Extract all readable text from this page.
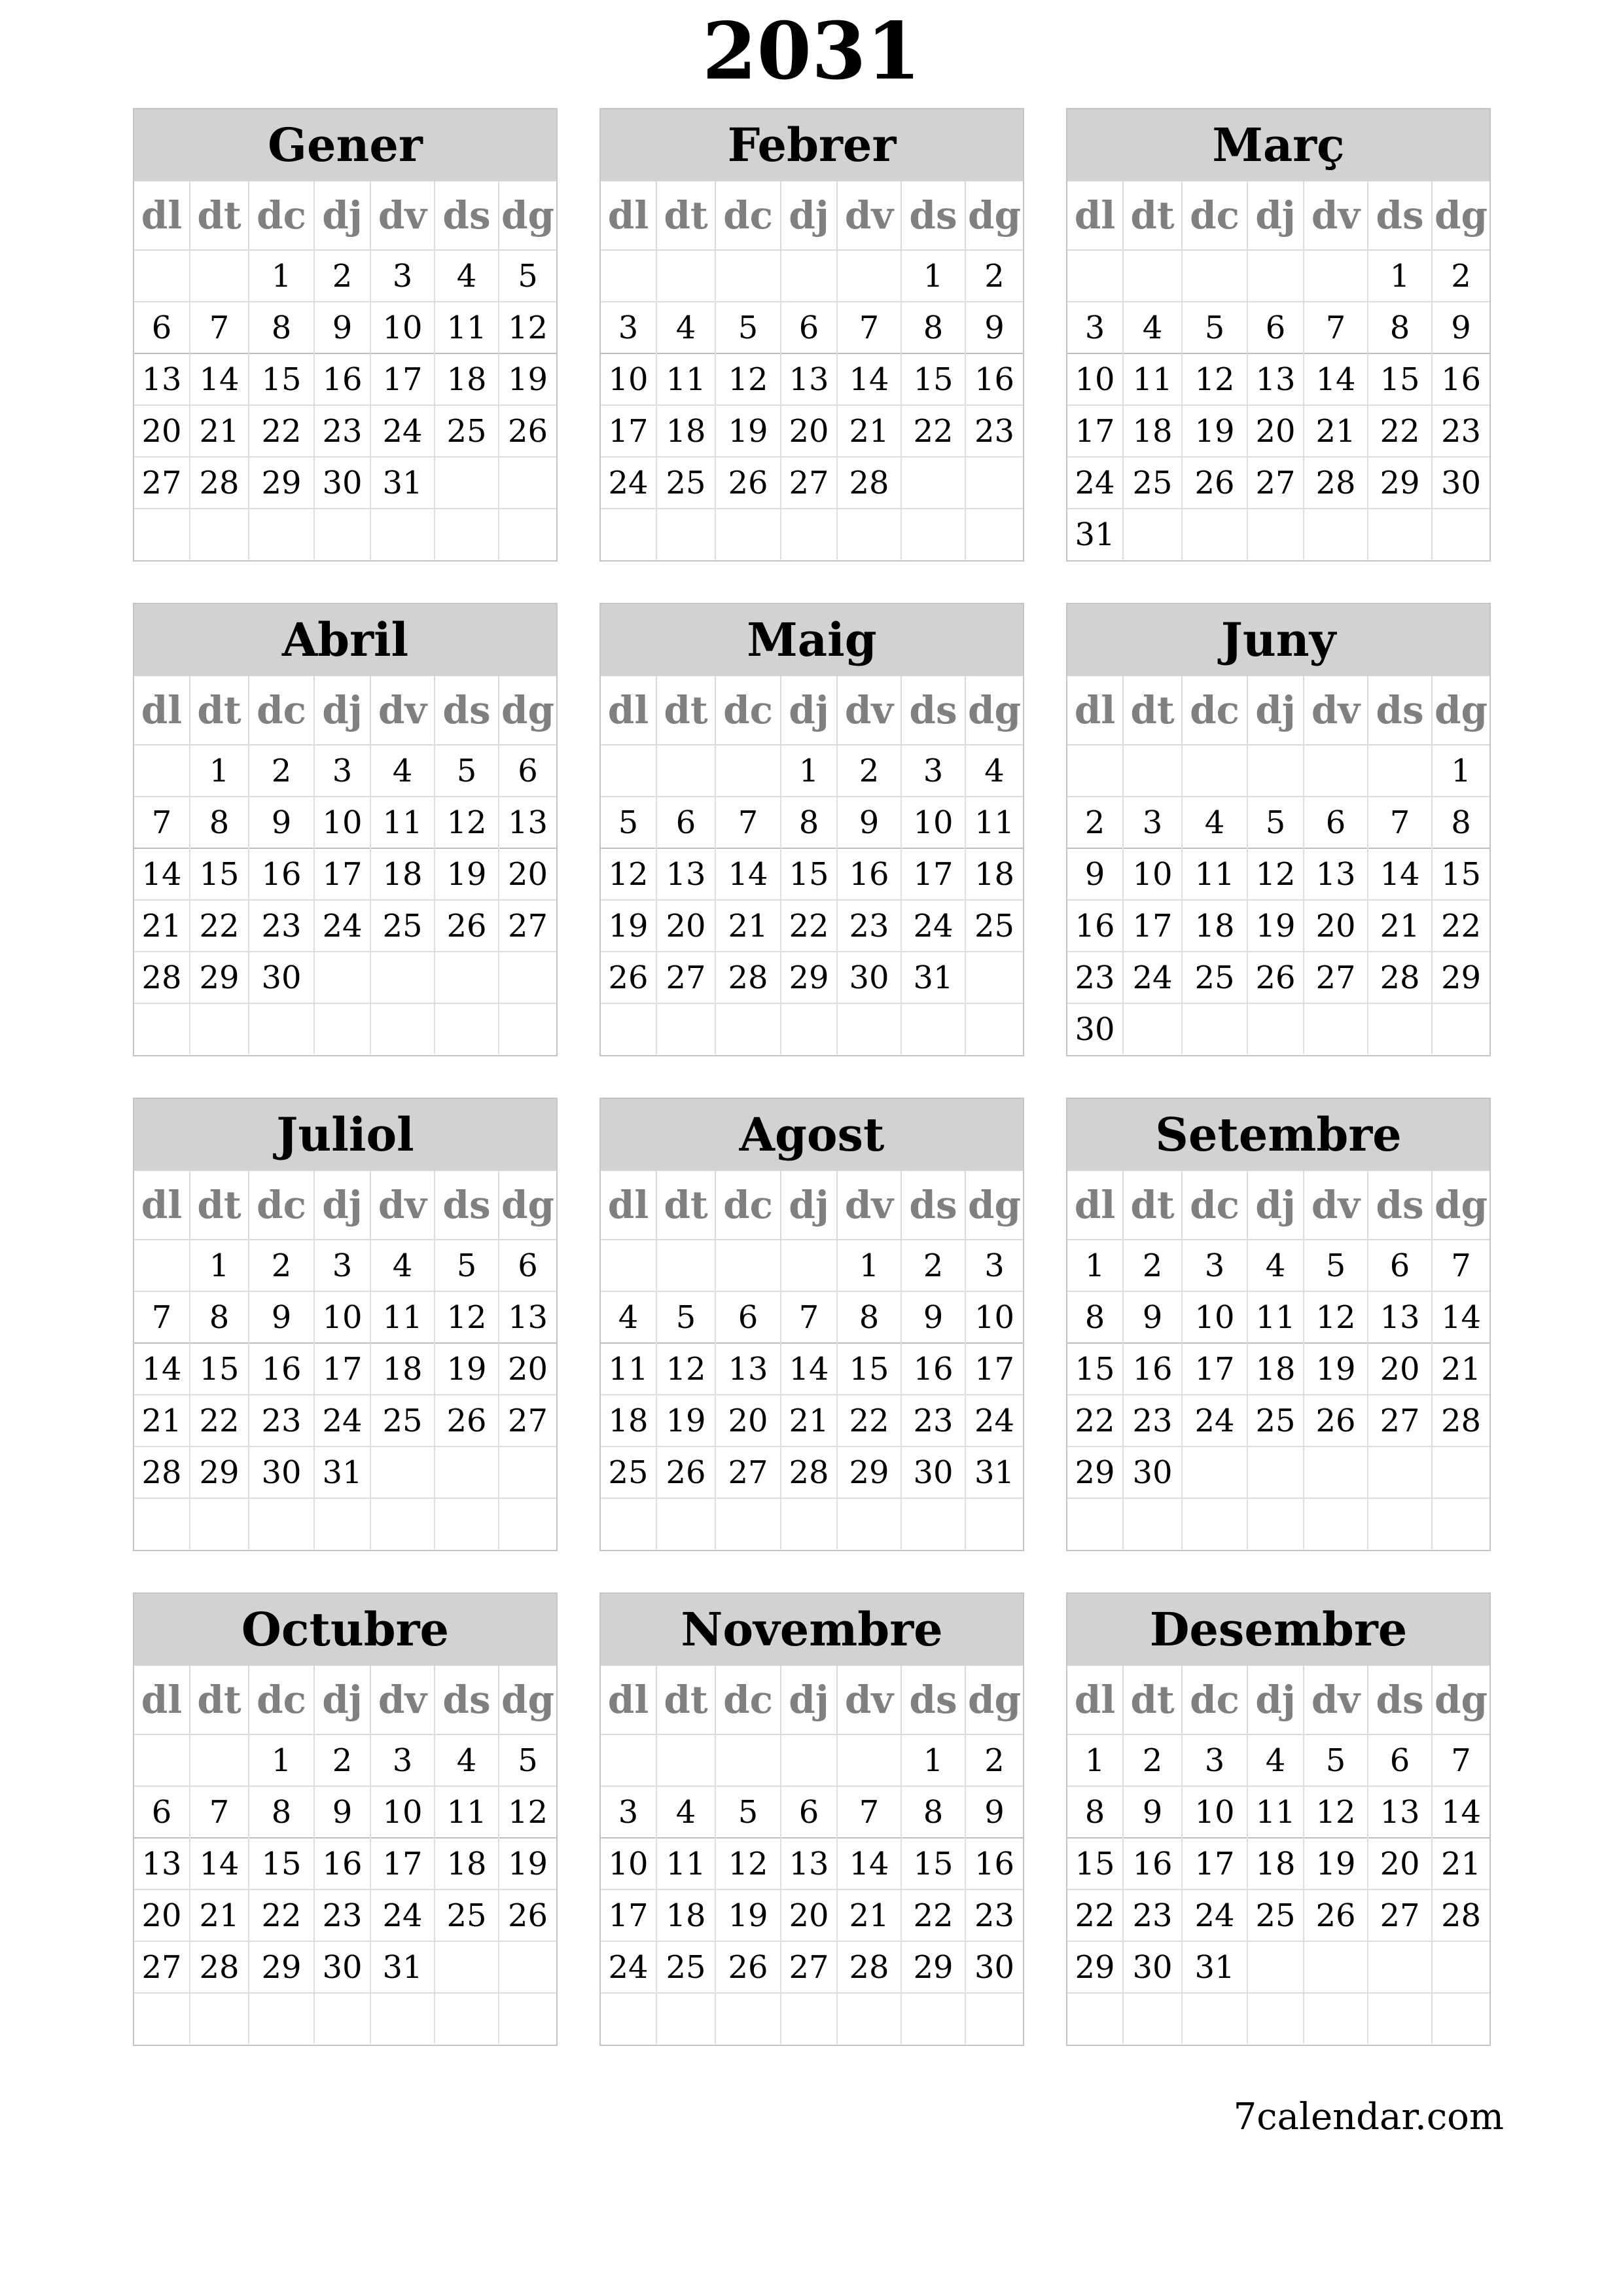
2031
Gener
dl	dt	dc	dj	dv	ds	dg
		1	2	3	4	5
6	7	8	9	10	11	12
13	14	15	16	17	18	19
20	21	22	23	24	25	26
27	28	29	30	31		

Febrer
dl	dt	dc	dj	dv	ds	dg
					1	2
3	4	5	6	7	8	9
10	11	12	13	14	15	16
17	18	19	20	21	22	23
24	25	26	27	28		

Març
dl	dt	dc	dj	dv	ds	dg
					1	2
3	4	5	6	7	8	9
10	11	12	13	14	15	16
17	18	19	20	21	22	23
24	25	26	27	28	29	30
31						
Abril
dl	dt	dc	dj	dv	ds	dg
	1	2	3	4	5	6
7	8	9	10	11	12	13
14	15	16	17	18	19	20
21	22	23	24	25	26	27
28	29	30				

Maig
dl	dt	dc	dj	dv	ds	dg
			1	2	3	4
5	6	7	8	9	10	11
12	13	14	15	16	17	18
19	20	21	22	23	24	25
26	27	28	29	30	31	

Juny
dl	dt	dc	dj	dv	ds	dg
						1
2	3	4	5	6	7	8
9	10	11	12	13	14	15
16	17	18	19	20	21	22
23	24	25	26	27	28	29
30						
Juliol
dl	dt	dc	dj	dv	ds	dg
	1	2	3	4	5	6
7	8	9	10	11	12	13
14	15	16	17	18	19	20
21	22	23	24	25	26	27
28	29	30	31			

Agost
dl	dt	dc	dj	dv	ds	dg
				1	2	3
4	5	6	7	8	9	10
11	12	13	14	15	16	17
18	19	20	21	22	23	24
25	26	27	28	29	30	31

Setembre
dl	dt	dc	dj	dv	ds	dg
1	2	3	4	5	6	7
8	9	10	11	12	13	14
15	16	17	18	19	20	21
22	23	24	25	26	27	28
29	30					

Octubre
dl	dt	dc	dj	dv	ds	dg
		1	2	3	4	5
6	7	8	9	10	11	12
13	14	15	16	17	18	19
20	21	22	23	24	25	26
27	28	29	30	31		

Novembre
dl	dt	dc	dj	dv	ds	dg
					1	2
3	4	5	6	7	8	9
10	11	12	13	14	15	16
17	18	19	20	21	22	23
24	25	26	27	28	29	30

Desembre
dl	dt	dc	dj	dv	ds	dg
1	2	3	4	5	6	7
8	9	10	11	12	13	14
15	16	17	18	19	20	21
22	23	24	25	26	27	28
29	30	31				

7calendar.com
